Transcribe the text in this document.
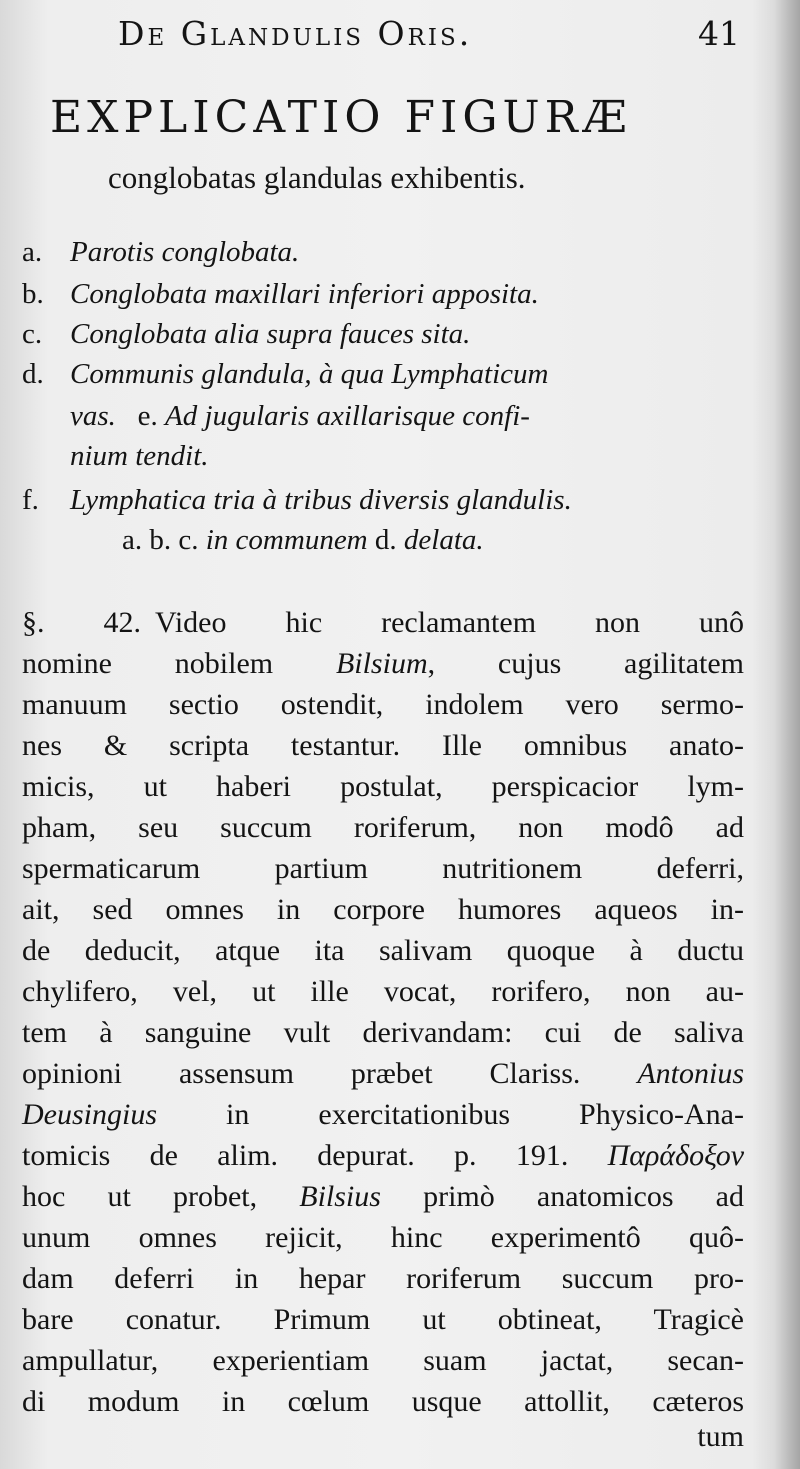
De Glandulis Oris.	41
EXPLICATIO FIGURÆ
conglobatas glandulas exhibentis.
a. Parotis conglobata.
b. Conglobata maxillari inferiori apposita.
c. Conglobata alia supra fauces sita.
d. Communis glandula, à qua Lymphaticum
vas. e. Ad jugularis axillarisque confi-
nium tendit.
f. Lymphatica tria à tribus diversis glandulis.
a. b. c. in communem d. delata.
§. 42. Video hic reclamantem non unô
nomine nobilem Bilsium, cujus agilitatem
manuum sectio ostendit, indolem vero sermo-
nes & scripta testantur. Ille omnibus anato-
micis, ut haberi postulat, perspicacior lym-
pham, seu succum roriferum, non modô ad
spermaticarum partium nutritionem deferri,
ait, sed omnes in corpore humores aqueos in-
de deducit, atque ita salivam quoque à ductu
chylifero, vel, ut ille vocat, rorifero, non au-
tem à sanguine vult derivandam: cui de saliva
opinioni assensum præbet Clariss. Antonius
Deusingius in exercitationibus Physico-Ana-
tomicis de alim. depurat. p. 191. Παράδοξον
hoc ut probet, Bilsius primò anatomicos ad
unum omnes rejicit, hinc experimentô quô-
dam deferri in hepar roriferum succum pro-
bare conatur. Primum ut obtineat, Tragicè
ampullatur, experientiam suam jactat, secan-
di modum in cœlum usque attollit, cæteros
tum
